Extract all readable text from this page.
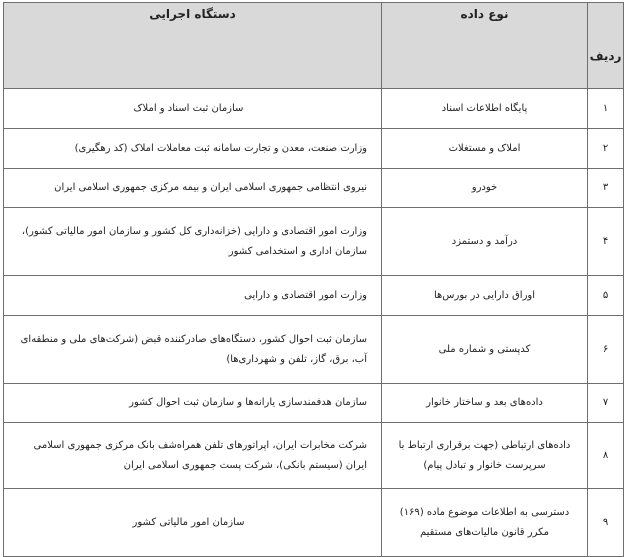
ردیف	نوع داده	دستگاه اجرایی
۱	پایگاه اطلاعات اسناد	سازمان ثبت اسناد و املاک
۲	املاک و مستغلات	وزارت صنعت، معدن و تجارت سامانه ثبت معاملات املاک (کد رهگیری)
۳	خودرو	نیروی انتظامی جمهوری اسلامی ایران و بیمه مرکزی جمهوری اسلامی ایران
۴	درآمد و دستمزد	وزارت امور اقتصادی و دارایی (خزانه‌داری کل کشور و سازمان امور مالیاتی کشور)، سازمان اداری و استخدامی کشور
۵	اوراق دارایی در بورس‌ها	وزارت امور اقتصادی و دارایی
۶	کدپستی و شماره ملی	سازمان ثبت احوال کشور، دستگاه‌های صادرکننده قبض (شرکت‌های ملی و منطقه‌ای آب، برق، گاز، تلفن و شهرداری‌ها)
۷	داده‌های بعد و ساختار خانوار	سازمان هدفمندسازی یارانه‌ها و سازمان ثبت احوال کشور
۸	داده‌های ارتباطی (جهت برقراری ارتباط با سرپرست خانوار و تبادل پیام)	شرکت مخابرات ایران، اپراتورهای تلفن همراه‌شف بانک مرکزی جمهوری اسلامی ایران (سیستم بانکی)، شرکت پست جمهوری اسلامی ایران
۹	دسترسی به اطلاعات موضوع ماده (۱۶۹) مکرر قانون مالیات‌های مستقیم	سازمان امور مالیاتی کشور
